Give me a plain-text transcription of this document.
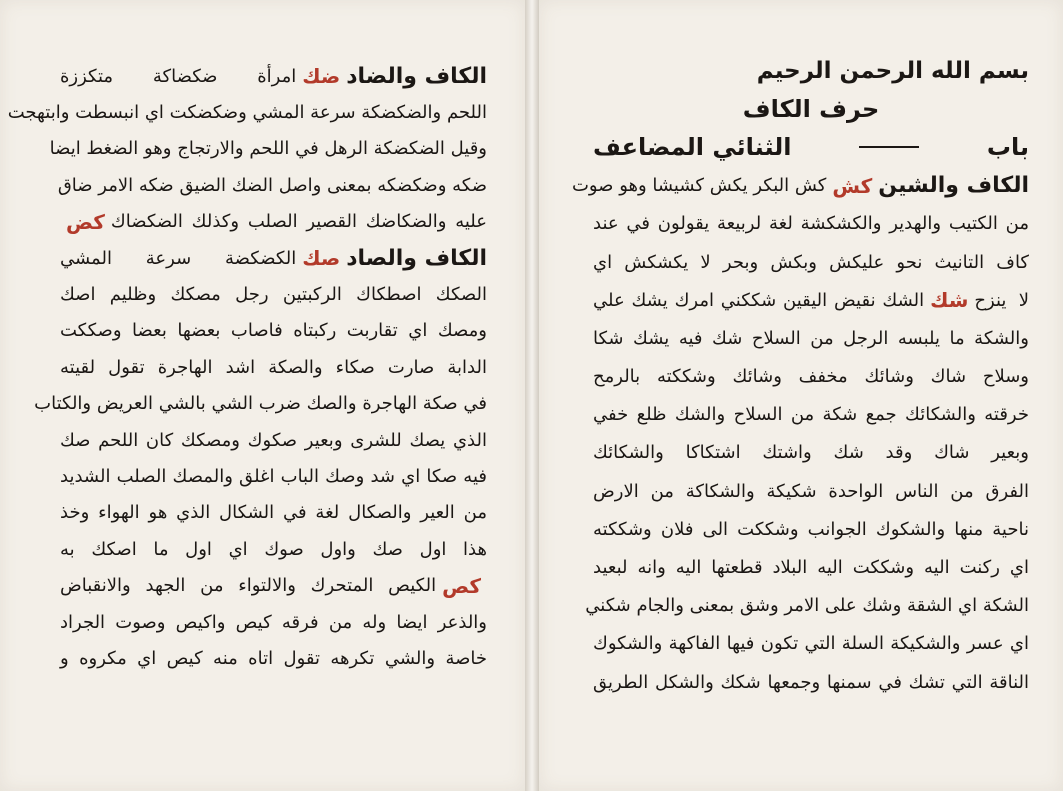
الكاف والضاد
ضك
امرأة ضكضاكة متكززة
اللحم والضكضكة سرعة المشي وضكضكت اي انبسطت وابتهجت
وقيل الضكضكة الرهل في اللحم والارتجاج وهو الضغط ايضا
ضكه وضكضكه بمعنى واصل الضك الضيق ضكه الامر ضاق
عليه والضكاضك القصير الصلب وكذلك الضكضاك
كض
الكاف والصاد
صك
الكضكضة سرعة المشي
الصكك اصطكاك الركبتين رجل مصكك وظليم اصك
ومصك اي تقاربت ركبتاه فاصاب بعضها بعضا وصككت
الدابة صارت صكاء والصكة اشد الهاجرة تقول لقيته
في صكة الهاجرة والصك ضرب الشي بالشي العريض والكتاب
الذي يصك للشرى وبعير صكوك ومصكك كان اللحم صك
فيه صكا اي شد وصك الباب اغلق والمصك الصلب الشديد
من العير والصكال لغة في الشكال الذي هو الهواء وخذ
هذا اول صك واول صوك اي اول ما اصكك به
كص
الكيص المتحرك والالتواء من الجهد والانقباض
والذعر ايضا وله من فرقه كيص واكيص وصوت الجراد
خاصة والشي تكرهه تقول اتاه منه كيص اي مكروه و
بسم الله الرحمن الرحيم
حرف الكاف
باب
الثنائي المضاعف
الكاف والشين
كش
كش البكر يكش كشيشا وهو صوت
من الكتيب والهدير والكشكشة لغة لربيعة يقولون في عند
كاف التانيث نحو عليكش وبكش وبحر لا يكشكش اي
لا ينزح
شك
الشك نقيض اليقين شككني امرك يشك علي
والشكة ما يلبسه الرجل من السلاح شك فيه يشك شكا
وسلاح شاك وشائك مخفف وشائك وشككته بالرمح
خرقته والشكائك جمع شكة من السلاح والشك ظلع خفي
وبعير شاك وقد شك واشتك اشتكاكا والشكائك
الفرق من الناس الواحدة شكيكة والشكاكة من الارض
ناحية منها والشكوك الجوانب وشككت الى فلان وشككته
اي ركنت اليه وشككت اليه البلاد قطعتها اليه وانه لبعيد
الشكة اي الشقة وشك على الامر وشق بمعنى والجام شكني
اي عسر والشكيكة السلة التي تكون فيها الفاكهة والشكوك
الناقة التي تشك في سمنها وجمعها شكك والشكل الطريق
